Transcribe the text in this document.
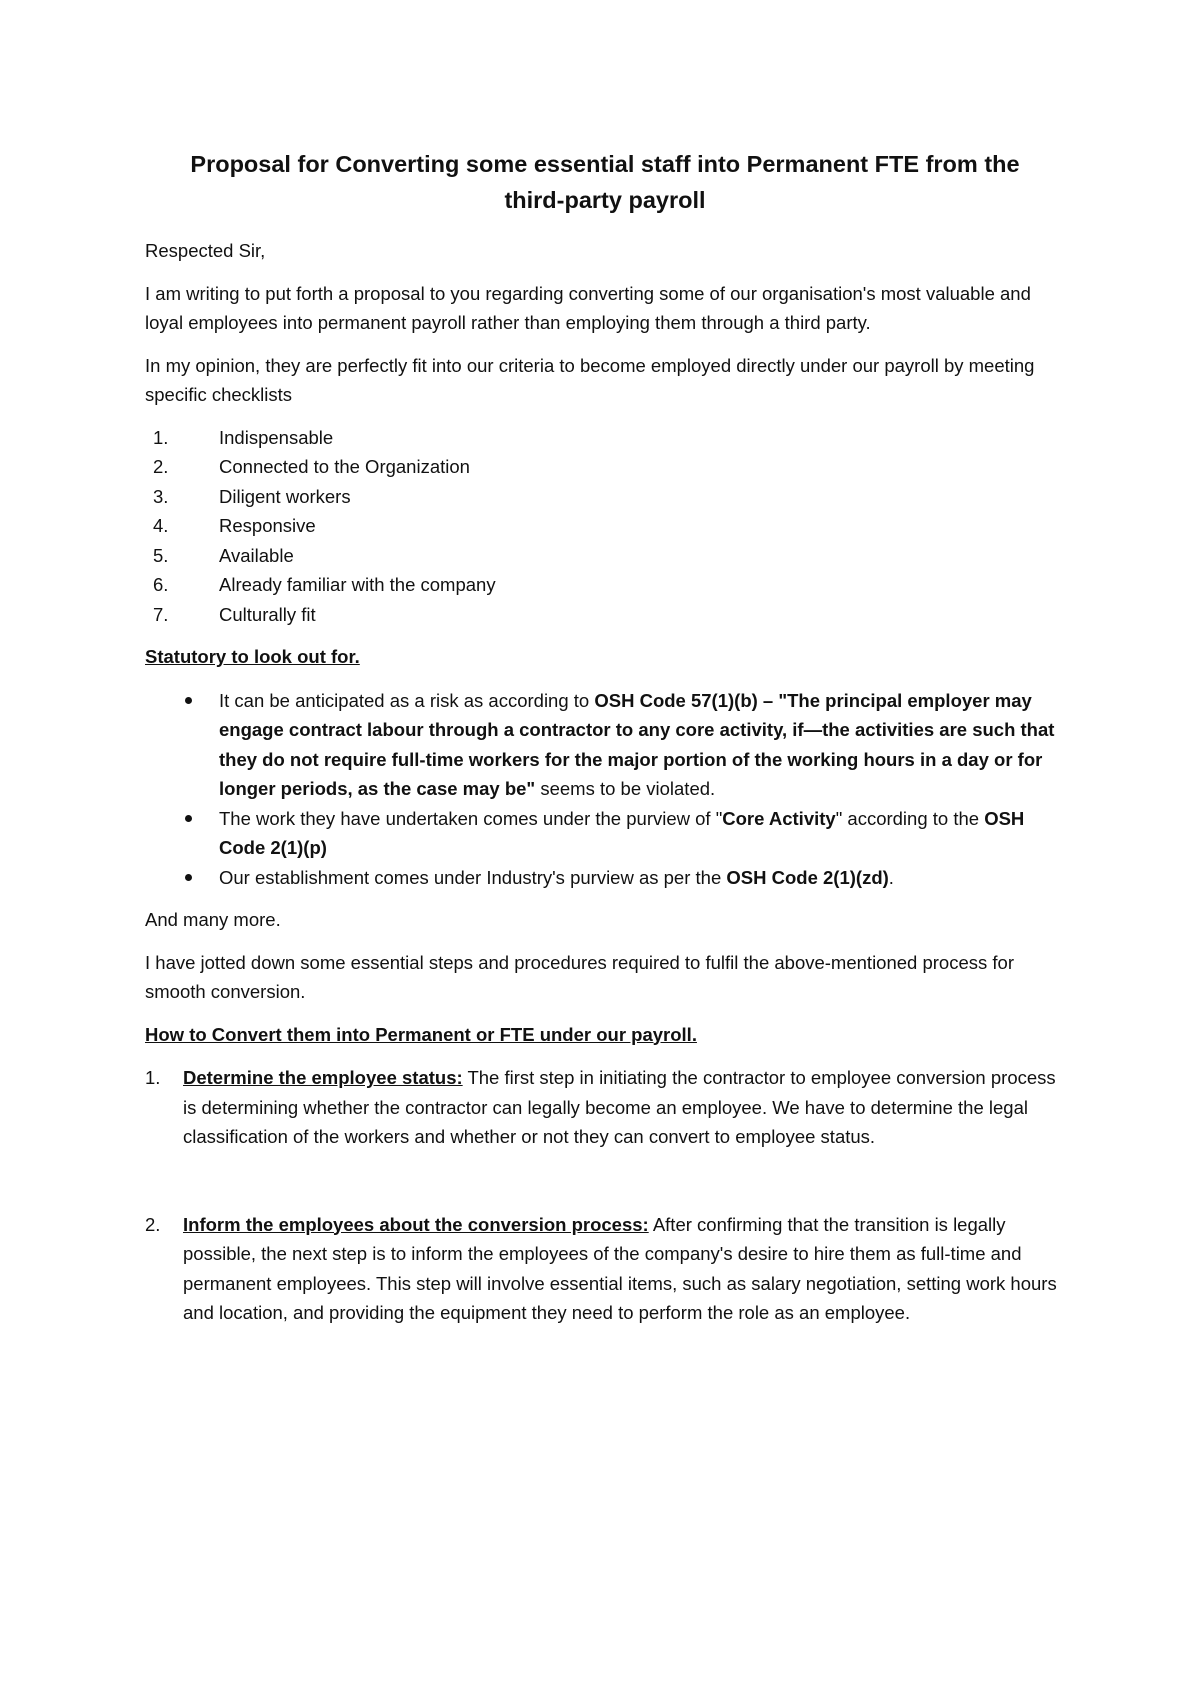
Proposal for Converting some essential staff into Permanent FTE from the
third-party payroll

Respected Sir,

I am writing to put forth a proposal to you regarding converting some of our organisation's most valuable and loyal employees into permanent payroll rather than employing them through a third party.

In my opinion, they are perfectly fit into our criteria to become employed directly under our payroll by meeting specific checklists

1.	Indispensable
2.	Connected to the Organization
3.	Diligent workers
4.	Responsive
5.	Available
6.	Already familiar with the company
7.	Culturally fit

Statutory to look out for.

It can be anticipated as a risk as according to OSH Code 57(1)(b) – "The principal employer may engage contract labour through a contractor to any core activity, if—the activities are such that they do not require full-time workers for the major portion of the working hours in a day or for longer periods, as the case may be" seems to be violated.
The work they have undertaken comes under the purview of "Core Activity" according to the OSH Code 2(1)(p)
Our establishment comes under Industry's purview as per the OSH Code 2(1)(zd).

And many more.

I have jotted down some essential steps and procedures required to fulfil the above-mentioned process for smooth conversion.

How to Convert them into Permanent or FTE under our payroll.

1.	Determine the employee status: The first step in initiating the contractor to employee conversion process is determining whether the contractor can legally become an employee. We have to determine the legal classification of the workers and whether or not they can convert to employee status.
2.	Inform the employees about the conversion process: After confirming that the transition is legally possible, the next step is to inform the employees of the company's desire to hire them as full-time and permanent employees. This step will involve essential items, such as salary negotiation, setting work hours and location, and providing the equipment they need to perform the role as an employee.
